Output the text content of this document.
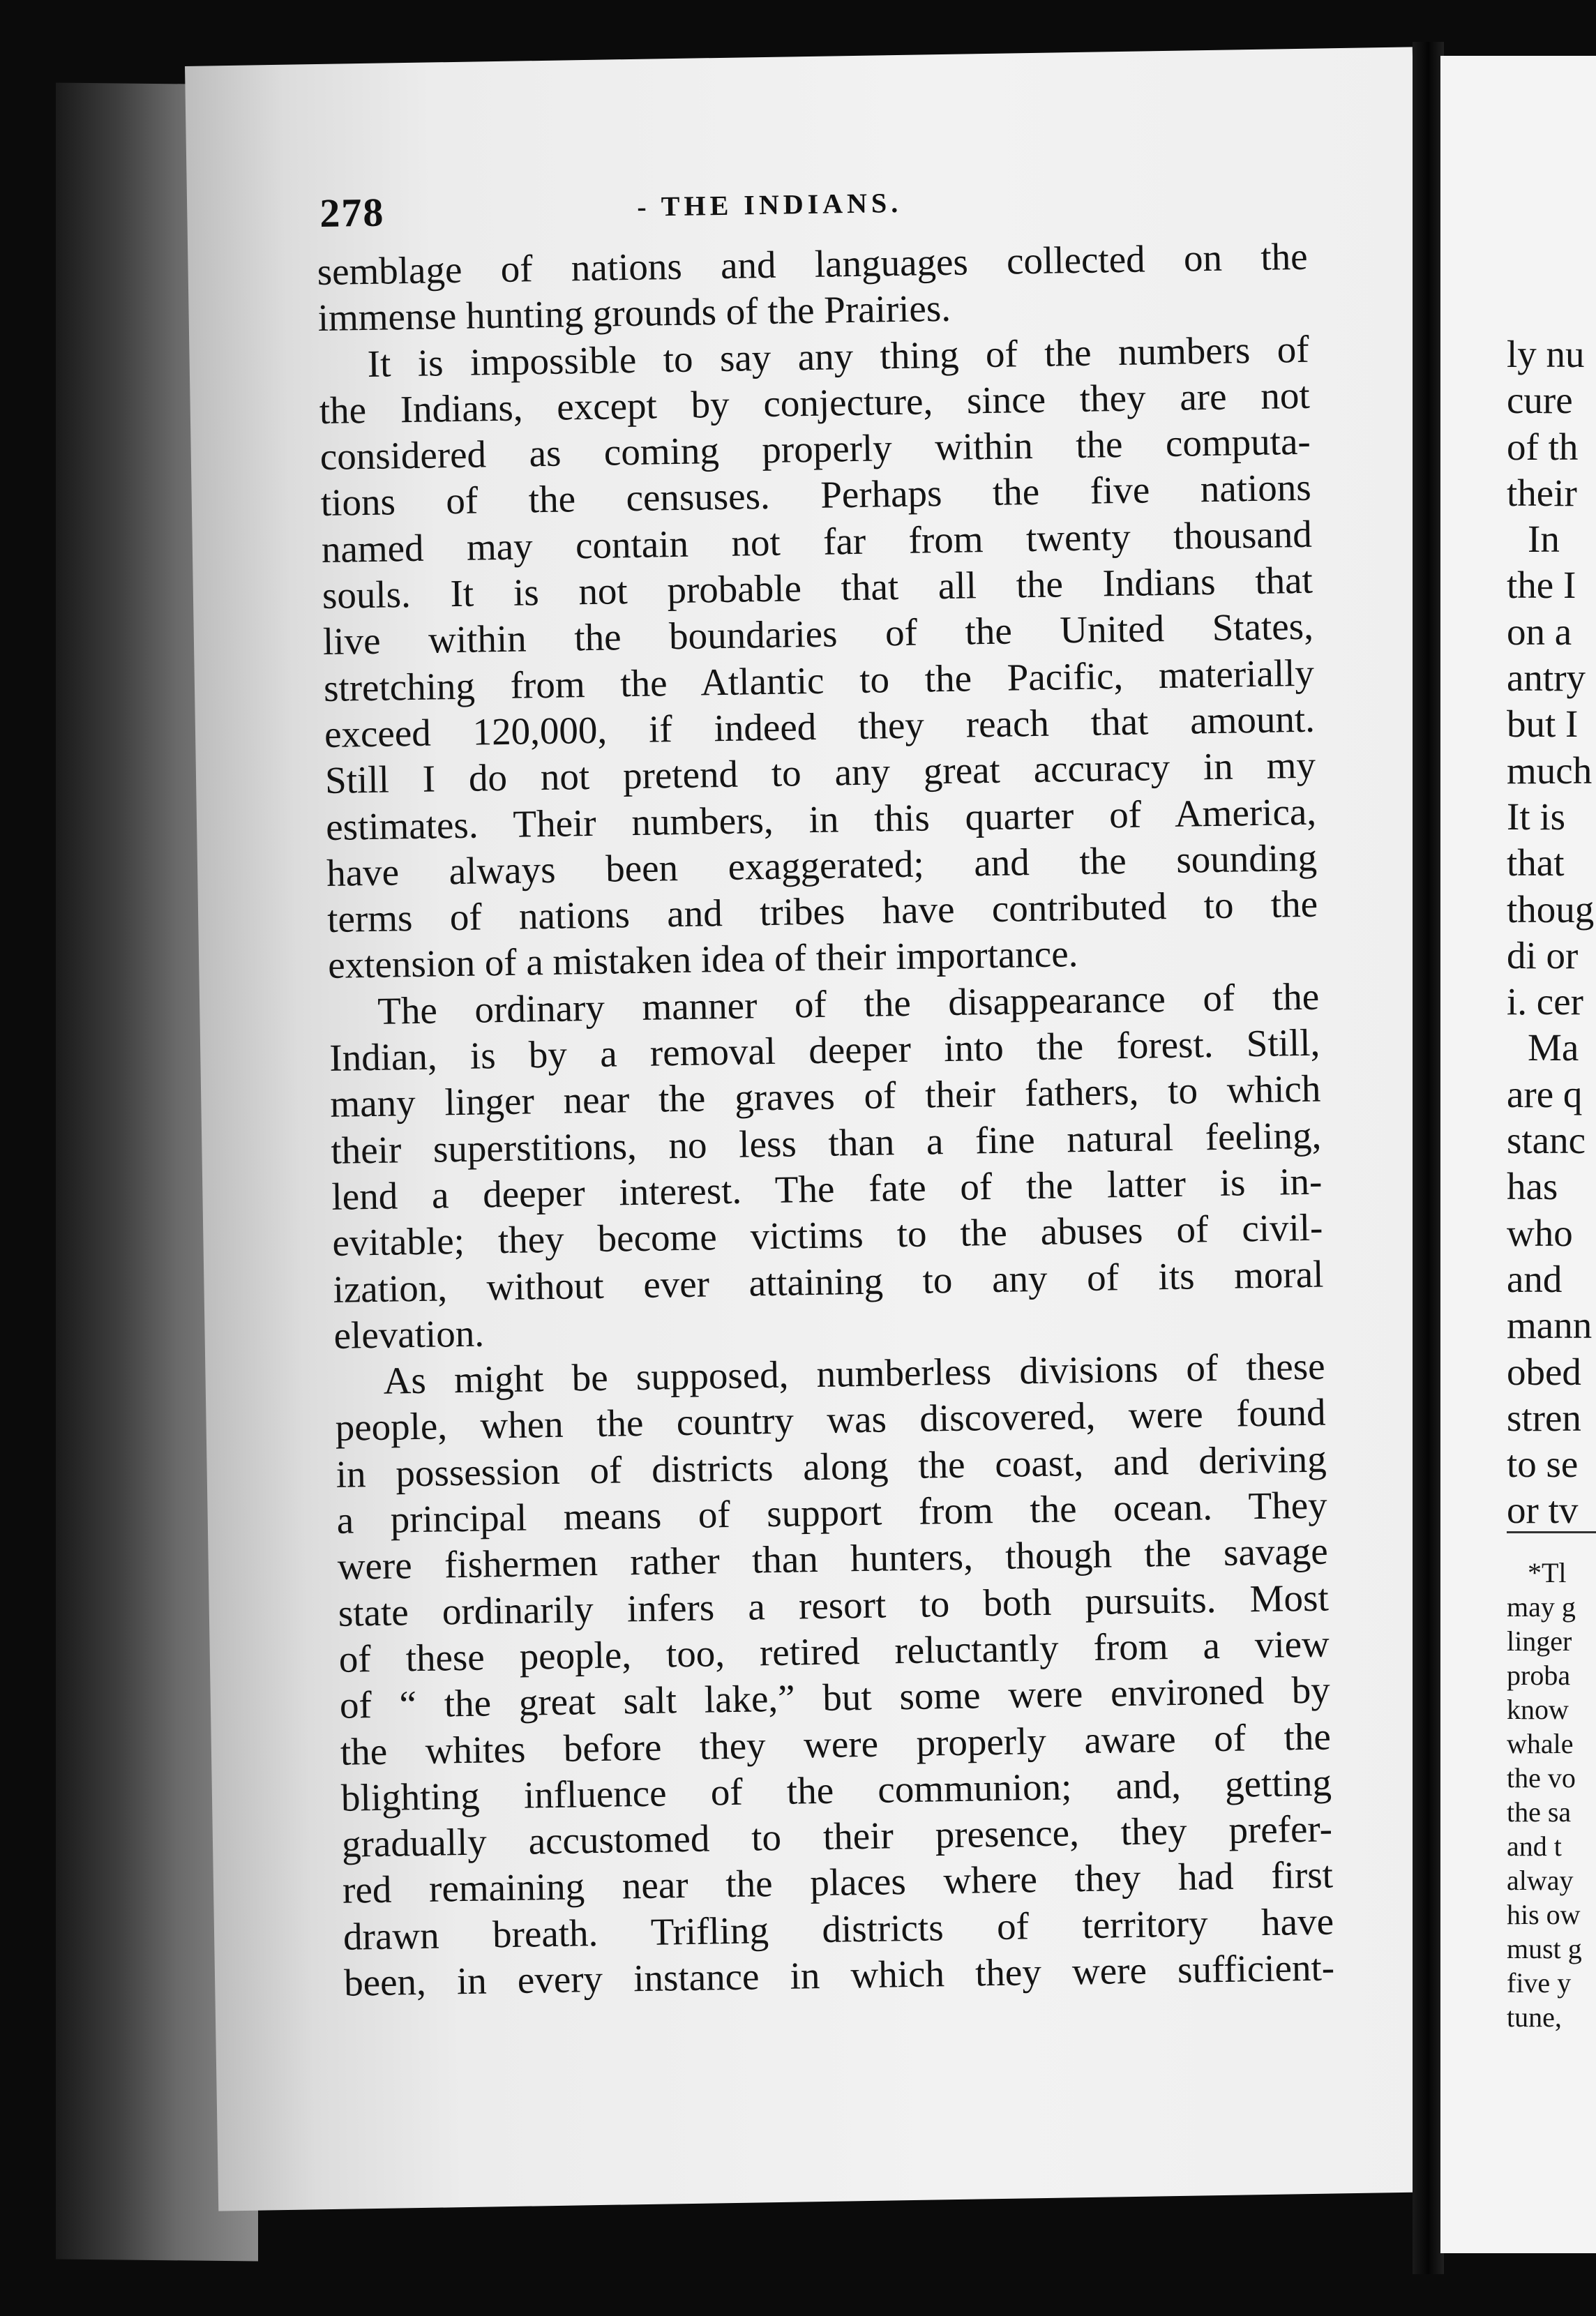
278	- THE INDIANS.
semblage of nations and languages collected on the
immense hunting grounds of the Prairies.
It is impossible to say any thing of the numbers of
the Indians, except by conjecture, since they are not
considered as coming properly within the computa-
tions of the censuses. Perhaps the five nations
named may contain not far from twenty thousand
souls. It is not probable that all the Indians that
live within the boundaries of the United States,
stretching from the Atlantic to the Pacific, materially
exceed 120,000, if indeed they reach that amount.
Still I do not pretend to any great accuracy in my
estimates. Their numbers, in this quarter of America,
have always been exaggerated; and the sounding
terms of nations and tribes have contributed to the
extension of a mistaken idea of their importance.
The ordinary manner of the disappearance of the
Indian, is by a removal deeper into the forest. Still,
many linger near the graves of their fathers, to which
their superstitions, no less than a fine natural feeling,
lend a deeper interest. The fate of the latter is in-
evitable; they become victims to the abuses of civil-
ization, without ever attaining to any of its moral
elevation.
As might be supposed, numberless divisions of these
people, when the country was discovered, were found
in possession of districts along the coast, and deriving
a principal means of support from the ocean. They
were fishermen rather than hunters, though the savage
state ordinarily infers a resort to both pursuits. Most
of these people, too, retired reluctantly from a view
of “ the great salt lake,” but some were environed by
the whites before they were properly aware of the
blighting influence of the communion; and, getting
gradually accustomed to their presence, they prefer-
red remaining near the places where they had first
drawn breath. Trifling districts of territory have
been, in every instance in which they were sufficient-
ly nu
cure
of th
their
In
the I
on a
antry
but I
much
It is
that
thoug
di or
i. cer
Ma
are q
stanc
has
who
and
mann
obed
stren
to se
or tv
*Tl
may g
linger
proba
know
whale
the vo
the sa
and t
alway
his ow
must g
five y
tune,
